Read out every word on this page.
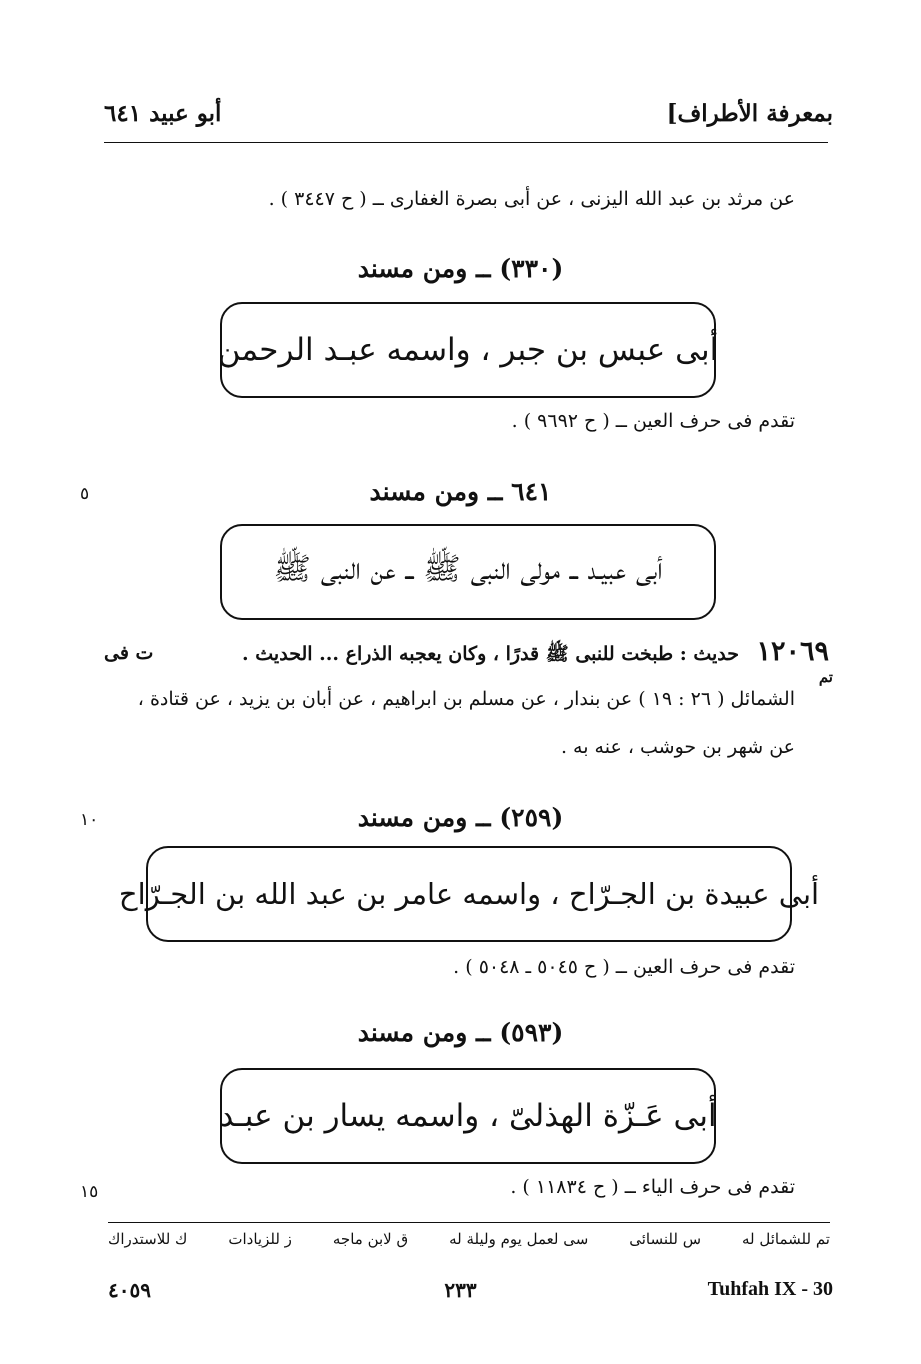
بمعرفة الأطراف]
أبو عبيد ٦٤١
عن مرثد بن عبد الله اليزنى ، عن أبى بصرة الغفارى ــ ( ح ٣٤٤٧ ) .
(٣٣٠) ــ ومن مسند
أبى عبس بن جبر ، واسمه عبـد الرحمن
تقدم فى حرف العين ــ ( ح ٩٦٩٢ ) .
٥	٦٤١ ــ ومن مسند
أبى عبيـد ــ مولى النبى ﷺ ــ عن النبى ﷺ
١٢٠٦٩
حديث : طبخت للنبى ﷺ قدرًا ، وكان يعجبه الذراع ... الحديث .
ت فى
تم
الشمائل ( ٢٦ : ١٩ ) عن بندار ، عن مسلم بن ابراهيم ، عن أبان بن يزيد ، عن قتادة ،
عن شهر بن حوشب ، عنه به .
١٠	(٢٥٩) ــ ومن مسند
أبى عبيدة بن الجـرّاح ، واسمه عامر بن عبد الله بن الجـرّاح
تقدم فى حرف العين ــ ( ح ٥٠٤٥ ـ ٥٠٤٨ ) .
(٥٩٣) ــ ومن مسند
أبى عَـزّة الهذلىّ ، واسمه يسار بن عبـد
١٥	تقدم فى حرف الياء ــ ( ح ١١٨٣٤ ) .
تم للشمائل له
س للنسائى
سى لعمل يوم وليلة له
ق لابن ماجه
ز للزيادات
ك للاستدراك
٤٠٥٩	٢٣٣	Tuhfah IX - 30
